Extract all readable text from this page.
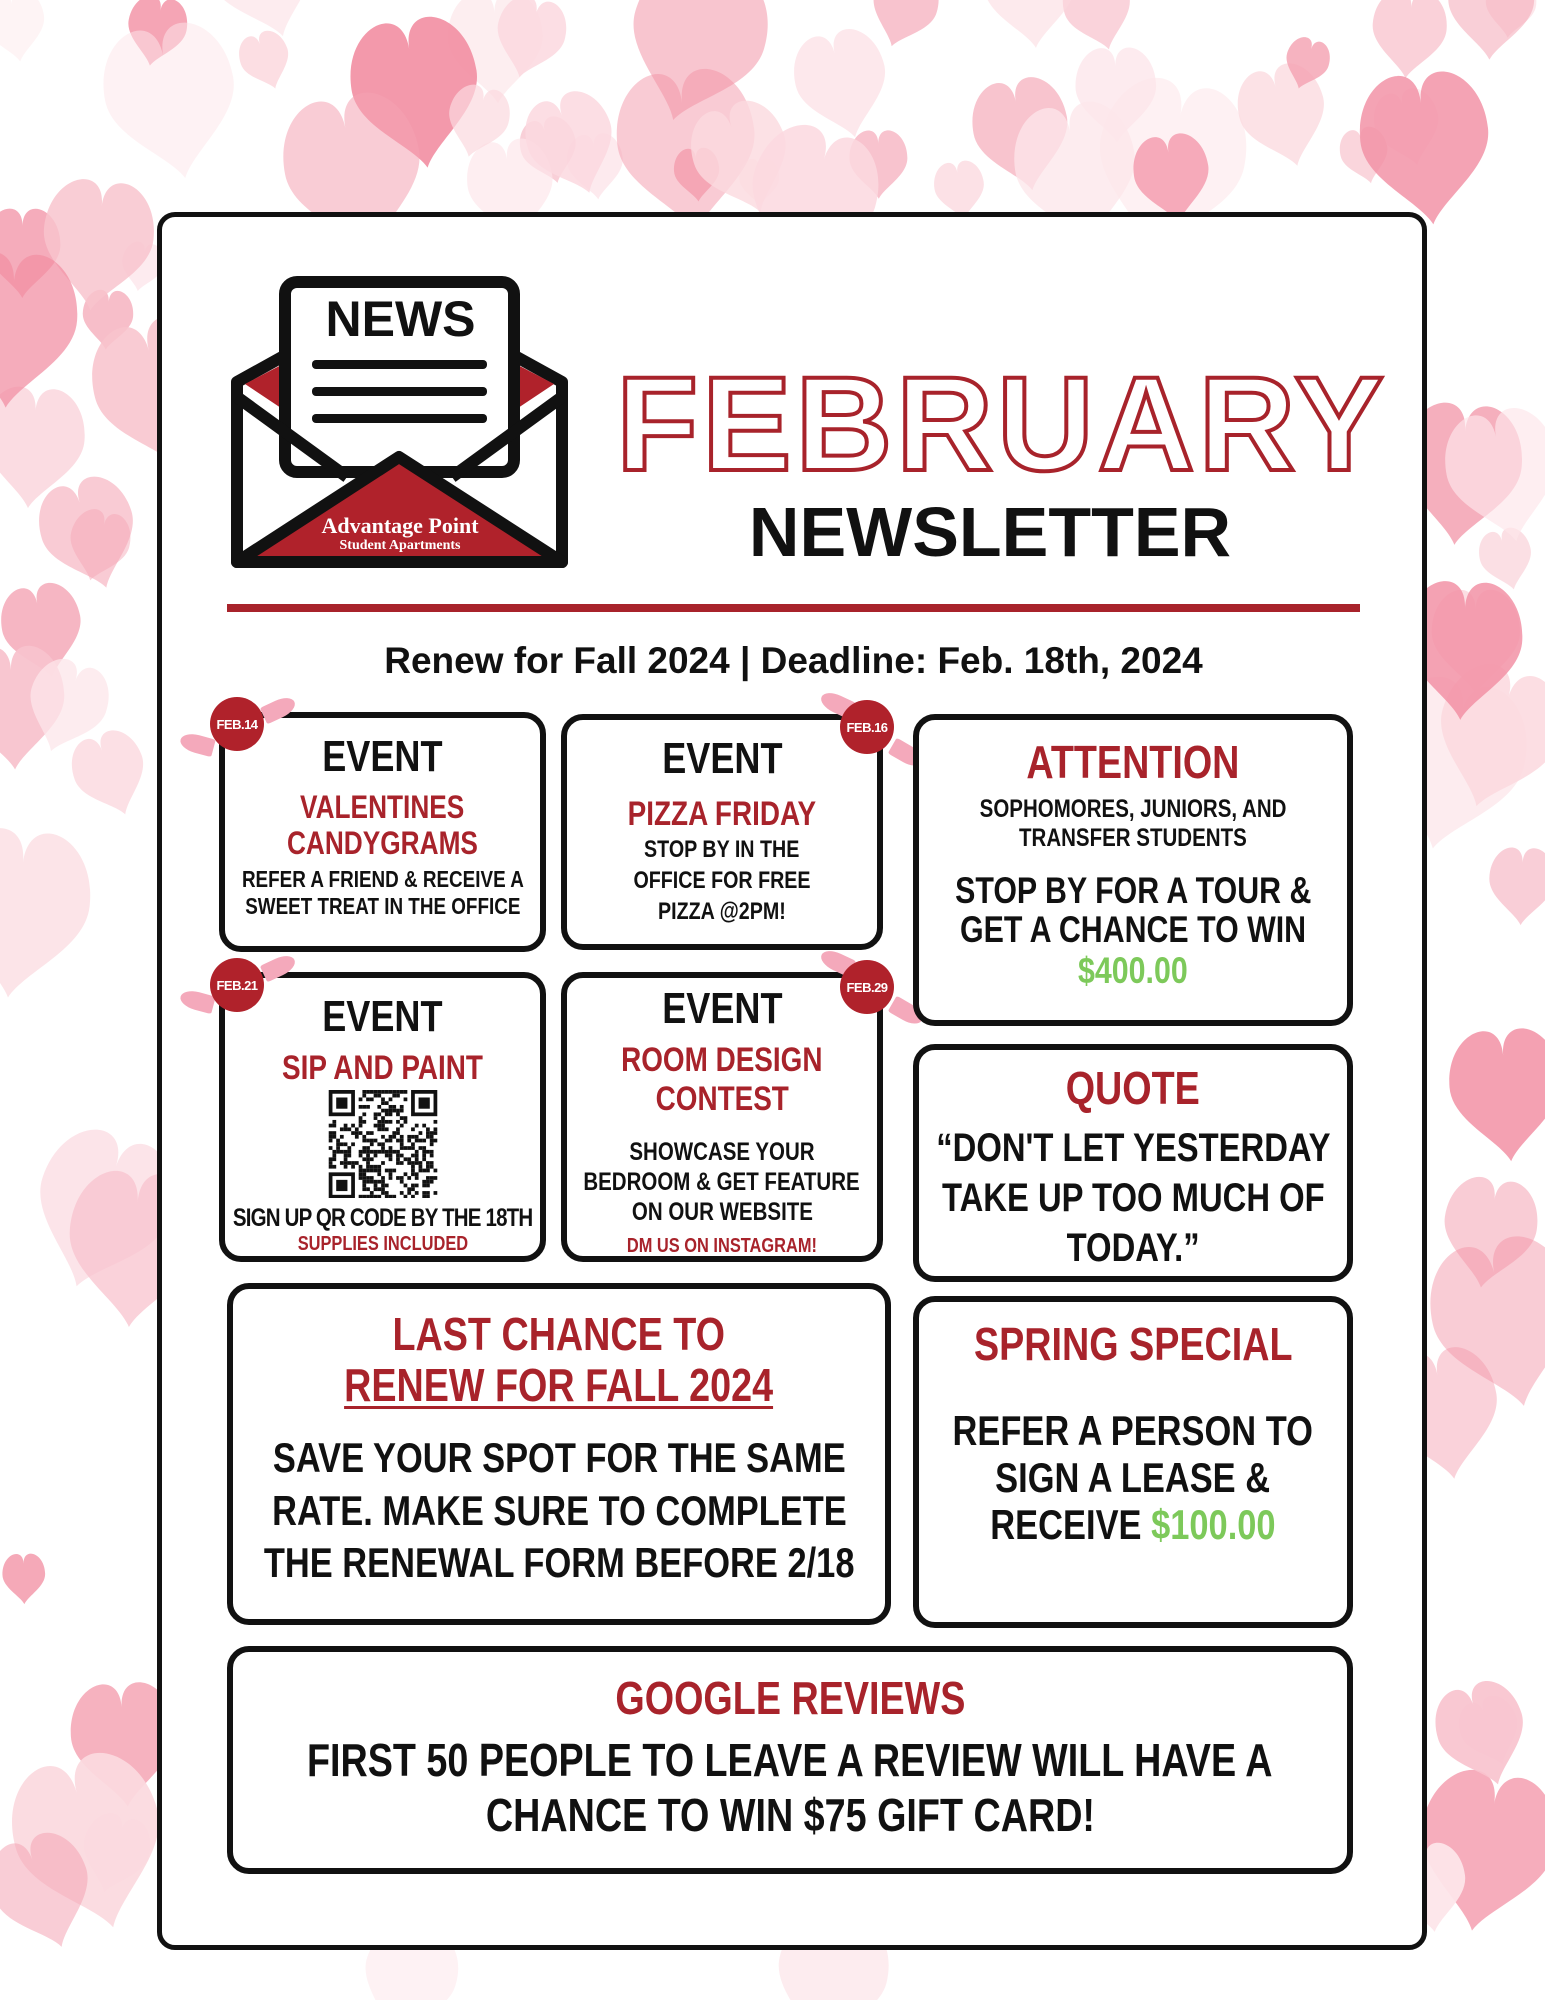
NEWS
Advantage Point
Student Apartments
FEBRUARY
NEWSLETTER
Renew for Fall 2024 | Deadline: Feb. 18th, 2024
EVENT
VALENTINES
CANDYGRAMS
REFER A FRIEND & RECEIVE A
SWEET TREAT IN THE OFFICE
EVENT
PIZZA FRIDAY
STOP BY IN THE
OFFICE FOR FREE
PIZZA @2PM!
EVENT
SIP AND PAINT
SIGN UP QR CODE BY THE 18TH
SUPPLIES INCLUDED
EVENT
ROOM DESIGN
CONTEST
SHOWCASE YOUR
BEDROOM & GET FEATURE
ON OUR WEBSITE
DM US ON INSTAGRAM!
FEB.14	FEB.16
FEB.21	FEB.29
ATTENTION
SOPHOMORES, JUNIORS, AND
TRANSFER STUDENTS
STOP BY FOR A TOUR &
GET A CHANCE TO WIN
$400.00
QUOTE
“DON'T LET YESTERDAY
TAKE UP TOO MUCH OF
TODAY.”
LAST CHANCE TO
RENEW FOR FALL 2024
SAVE YOUR SPOT FOR THE SAME
RATE. MAKE SURE TO COMPLETE
THE RENEWAL FORM BEFORE 2/18
SPRING SPECIAL
REFER A PERSON TO
SIGN A LEASE &
RECEIVE $100.00
GOOGLE REVIEWS
FIRST 50 PEOPLE TO LEAVE A REVIEW WILL HAVE A
CHANCE TO WIN $75 GIFT CARD!
